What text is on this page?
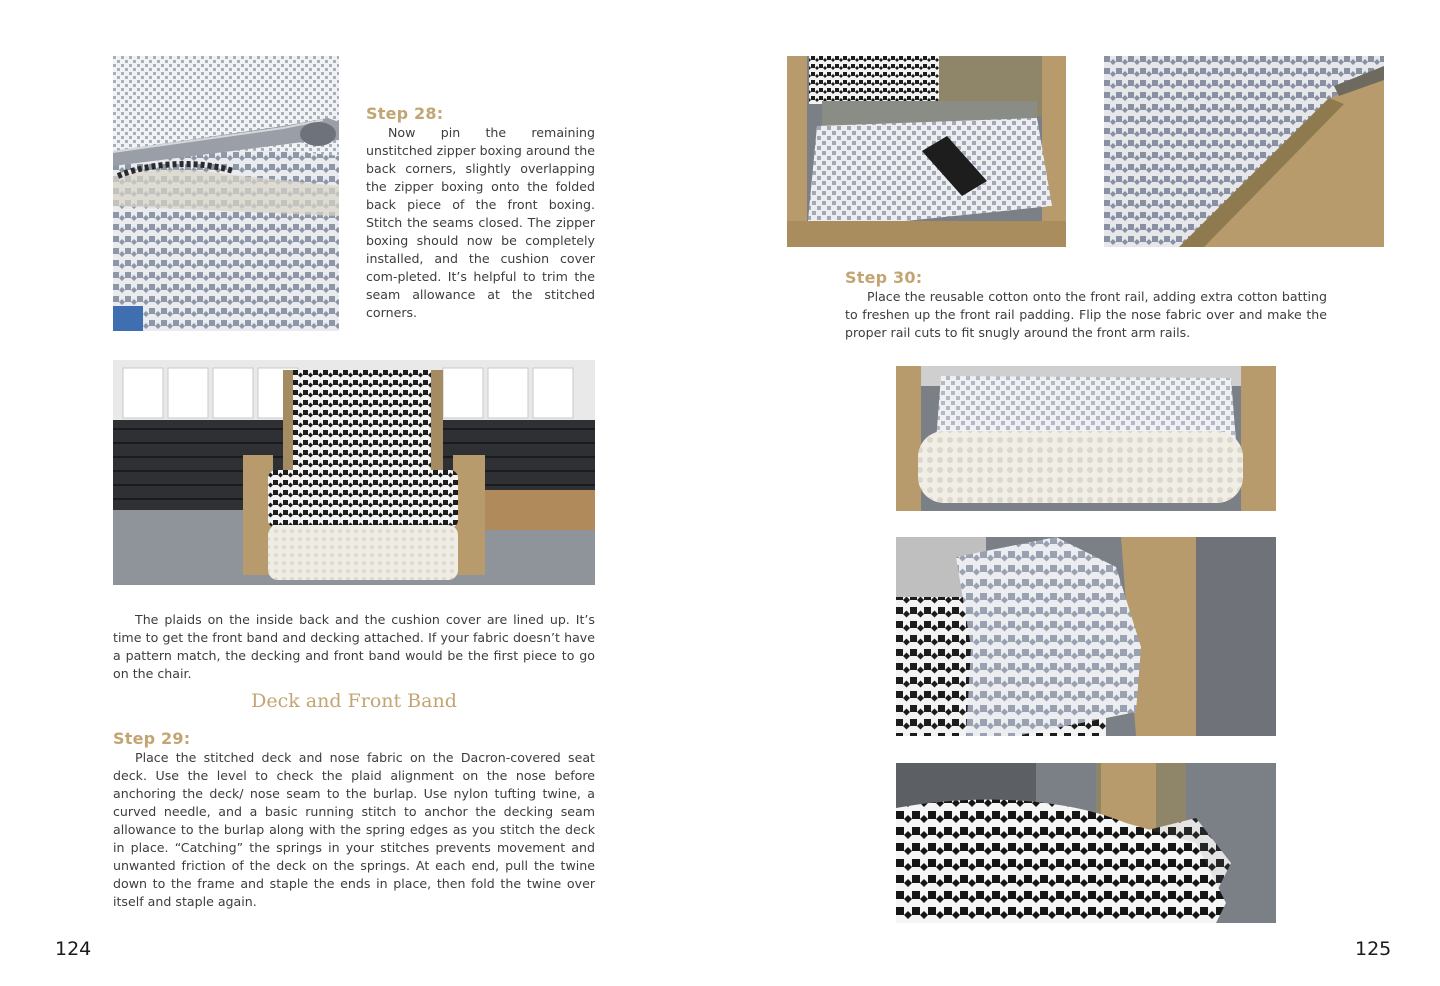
Step 28:

Now pin the remaining unstitched zipper boxing around the back corners, slightly overlapping the zipper boxing onto the folded back piece of the front boxing. Stitch the seams closed. The zipper boxing should now be completely installed, and the cushion cover com-pleted. It’s helpful to trim the seam allowance at the stitched corners.

The plaids on the inside back and the cushion cover are lined up. It’s time to get the front band and decking attached. If your fabric doesn’t have a pattern match, the decking and front band would be the first piece to go on the chair.

Deck and Front Band
Step 29:

Place the stitched deck and nose fabric on the Dacron-covered seat deck. Use the level to check the plaid alignment on the nose before anchoring the deck/ nose seam to the burlap. Use nylon tufting twine, a curved needle, and a basic running stitch to anchor the decking seam allowance to the burlap along with the spring edges as you stitch the deck in place. “Catching” the springs in your stitches prevents movement and unwanted friction of the deck on the springs. At each end, pull the twine down to the frame and staple the ends in place, then fold the twine over itself and staple again.

124

Step 30:

Place the reusable cotton onto the front rail, adding extra cotton batting to freshen up the front rail padding. Flip the nose fabric over and make the proper rail cuts to fit snugly around the front arm rails.

125
